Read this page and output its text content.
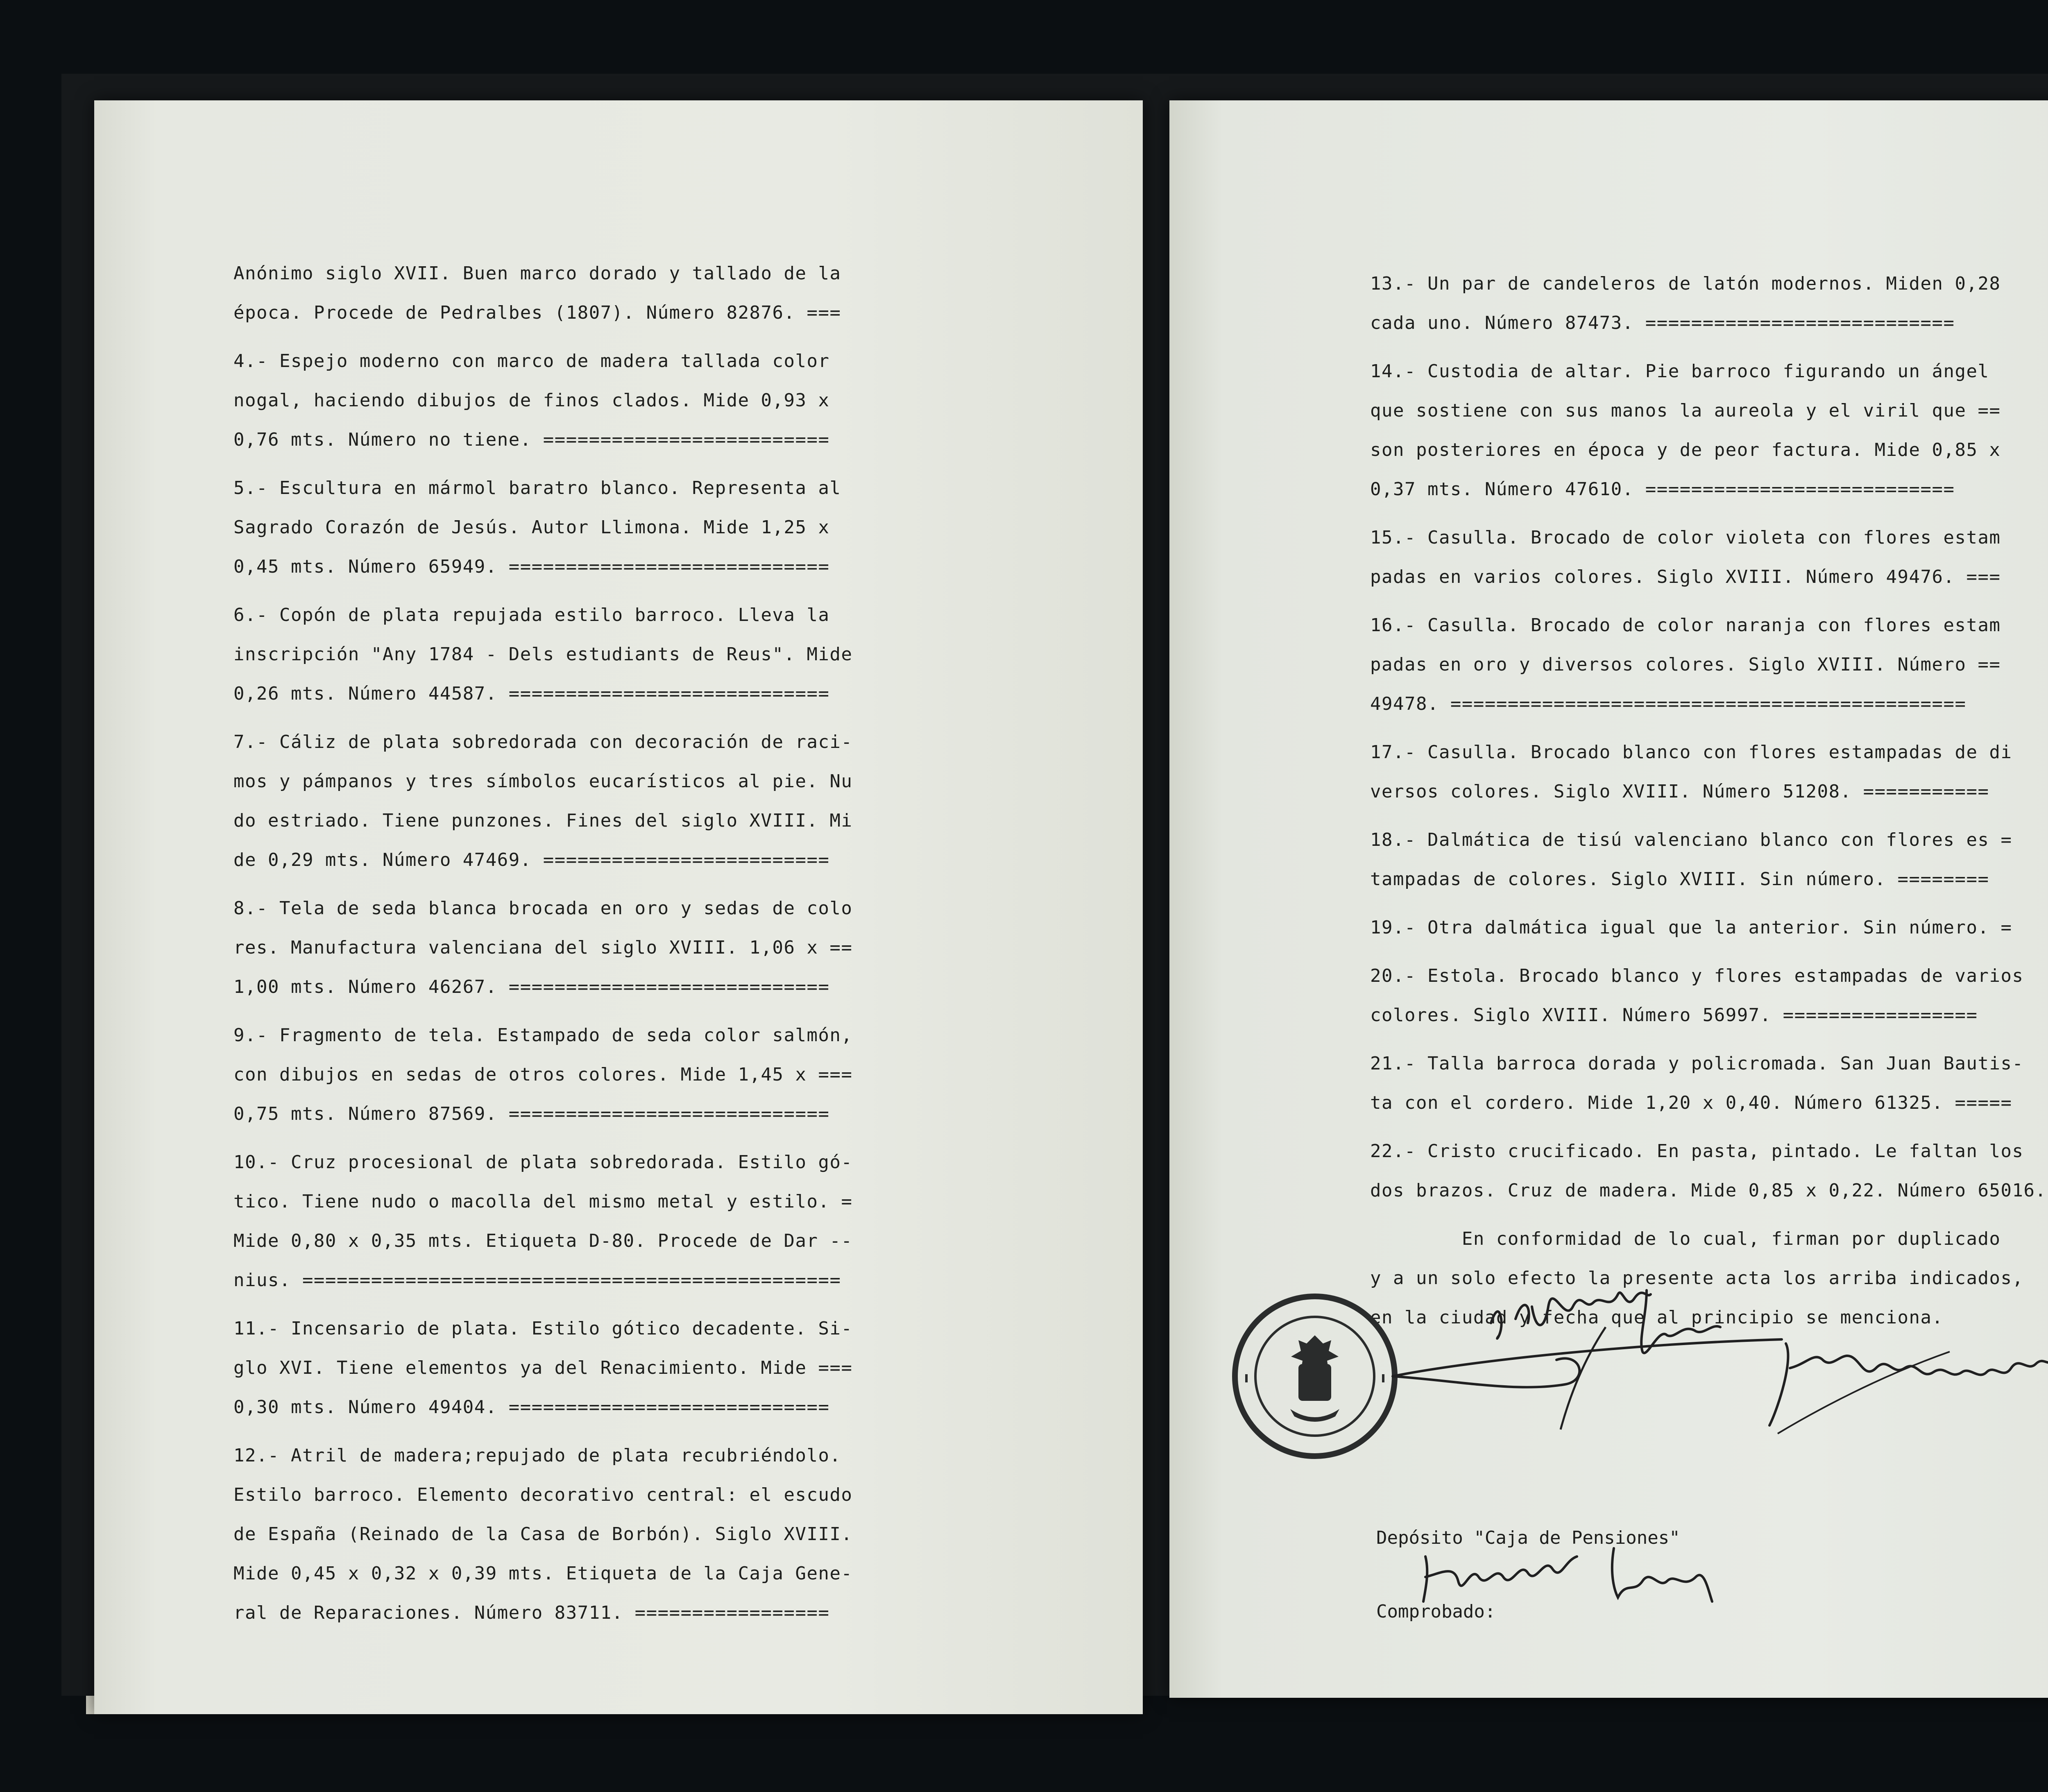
Anónimo siglo XVII. Buen marco dorado y tallado de la
época. Procede de Pedralbes (1807). Número 82876. ===
4.- Espejo moderno con marco de madera tallada color
nogal, haciendo dibujos de finos clados. Mide 0,93 x
0,76 mts. Número no tiene. =========================
5.- Escultura en mármol baratro blanco. Representa al
Sagrado Corazón de Jesús. Autor Llimona. Mide 1,25 x
0,45 mts. Número 65949. ============================
6.- Copón de plata repujada estilo barroco. Lleva la
inscripción "Any 1784 - Dels estudiants de Reus". Mide
0,26 mts. Número 44587. ============================
7.- Cáliz de plata sobredorada con decoración de raci-
mos y pámpanos y tres símbolos eucarísticos al pie. Nu
do estriado. Tiene punzones. Fines del siglo XVIII. Mi
de 0,29 mts. Número 47469. =========================
8.- Tela de seda blanca brocada en oro y sedas de colo
res. Manufactura valenciana del siglo XVIII. 1,06 x ==
1,00 mts. Número 46267. ============================
9.- Fragmento de tela. Estampado de seda color salmón,
con dibujos en sedas de otros colores. Mide 1,45 x ===
0,75 mts. Número 87569. ============================
10.- Cruz procesional de plata sobredorada. Estilo gó-
tico. Tiene nudo o macolla del mismo metal y estilo. =
Mide 0,80 x 0,35 mts. Etiqueta D-80. Procede de Dar --
nius. ===============================================
11.- Incensario de plata. Estilo gótico decadente. Si-
glo XVI. Tiene elementos ya del Renacimiento. Mide ===
0,30 mts. Número 49404. ============================
12.- Atril de madera;repujado de plata recubriéndolo.
Estilo barroco. Elemento decorativo central: el escudo
de España (Reinado de la Casa de Borbón). Siglo XVIII.
Mide 0,45 x 0,32 x 0,39 mts. Etiqueta de la Caja Gene-
ral de Reparaciones. Número 83711. =================
13.- Un par de candeleros de latón modernos. Miden 0,28
cada uno. Número 87473. ===========================
14.- Custodia de altar. Pie barroco figurando un ángel
que sostiene con sus manos la aureola y el viril que ==
son posteriores en época y de peor factura. Mide 0,85 x
0,37 mts. Número 47610. ===========================
15.- Casulla. Brocado de color violeta con flores estam
padas en varios colores. Siglo XVIII. Número 49476. ===
16.- Casulla. Brocado de color naranja con flores estam
padas en oro y diversos colores. Siglo XVIII. Número ==
49478. =============================================
17.- Casulla. Brocado blanco con flores estampadas de di
versos colores. Siglo XVIII. Número 51208. ===========
18.- Dalmática de tisú valenciano blanco con flores es =
tampadas de colores. Siglo XVIII. Sin número. ========
19.- Otra dalmática igual que la anterior. Sin número. =
20.- Estola. Brocado blanco y flores estampadas de varios
colores. Siglo XVIII. Número 56997. =================
21.- Talla barroca dorada y policromada. San Juan Bautis-
ta con el cordero. Mide 1,20 x 0,40. Número 61325. =====
22.- Cristo crucificado. En pasta, pintado. Le faltan los
dos brazos. Cruz de madera. Mide 0,85 x 0,22. Número 65016.
En conformidad de lo cual, firman por duplicado
y a un solo efecto la presente acta los arriba indicados,
en la ciudad y fecha que al principio se menciona.

Depósito "Caja de Pensiones"

Comprobado:
